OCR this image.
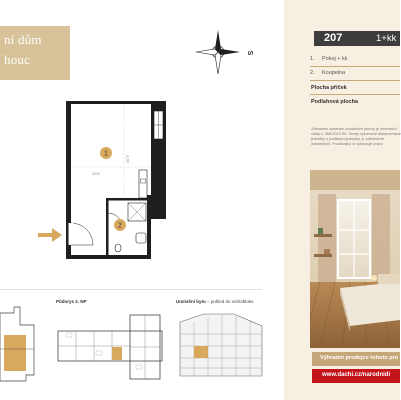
ní dům
houc
1
2
3410
5070
S
Půdorys 2. NP	Umístění bytu – pohled do vnitrobloku
207	1+kk
1. Pokoj + kk
2. Koupelna
Plocha příček
Podlahová plocha
Zobrazení vybavení podlahové plochy je orientační
vlády č. 366/2013 Sb. Termy výkresové dokumentace
jednotky z podkladu jednotky, tj. zakreslené
ilustračními. Prodávající si vyhrazuje právo
Výhradní prodejce tohoto pro
www.dachi.cz/narodnidi
